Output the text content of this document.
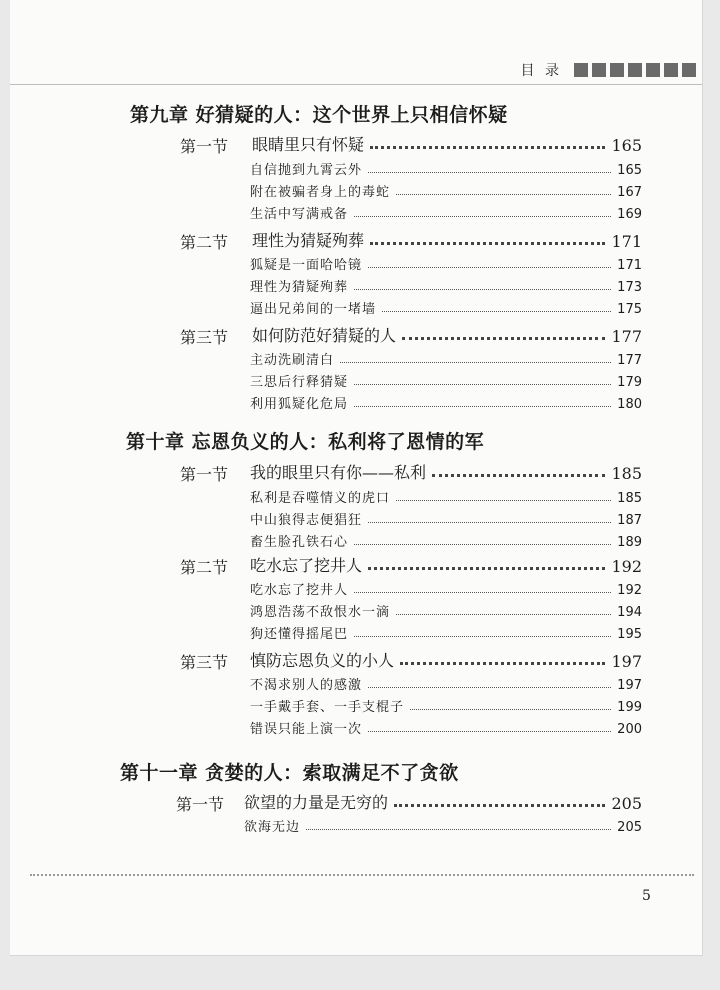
目 录
第九章 好猜疑的人：这个世界上只相信怀疑
第一节 眼睛里只有怀疑	165
自信抛到九霄云外	165
附在被骗者身上的毒蛇	167
生活中写满戒备	169
第二节 理性为猜疑殉葬	171
狐疑是一面哈哈镜	171
理性为猜疑殉葬	173
逼出兄弟间的一堵墙	175
第三节 如何防范好猜疑的人	177
主动洗刷清白	177
三思后行释猜疑	179
利用狐疑化危局	180
第十章 忘恩负义的人：私利将了恩情的军
第一节 我的眼里只有你——私利	185
私利是吞噬情义的虎口	185
中山狼得志便猖狂	187
畜生脸孔铁石心	189
第二节 吃水忘了挖井人	192
吃水忘了挖井人	192
鸿恩浩荡不敌恨水一滴	194
狗还懂得摇尾巴	195
第三节 慎防忘恩负义的小人	197
不渴求别人的感激	197
一手戴手套、一手支棍子	199
错误只能上演一次	200
第十一章 贪婪的人：索取满足不了贪欲
第一节 欲望的力量是无穷的	205
欲海无边	205
5
